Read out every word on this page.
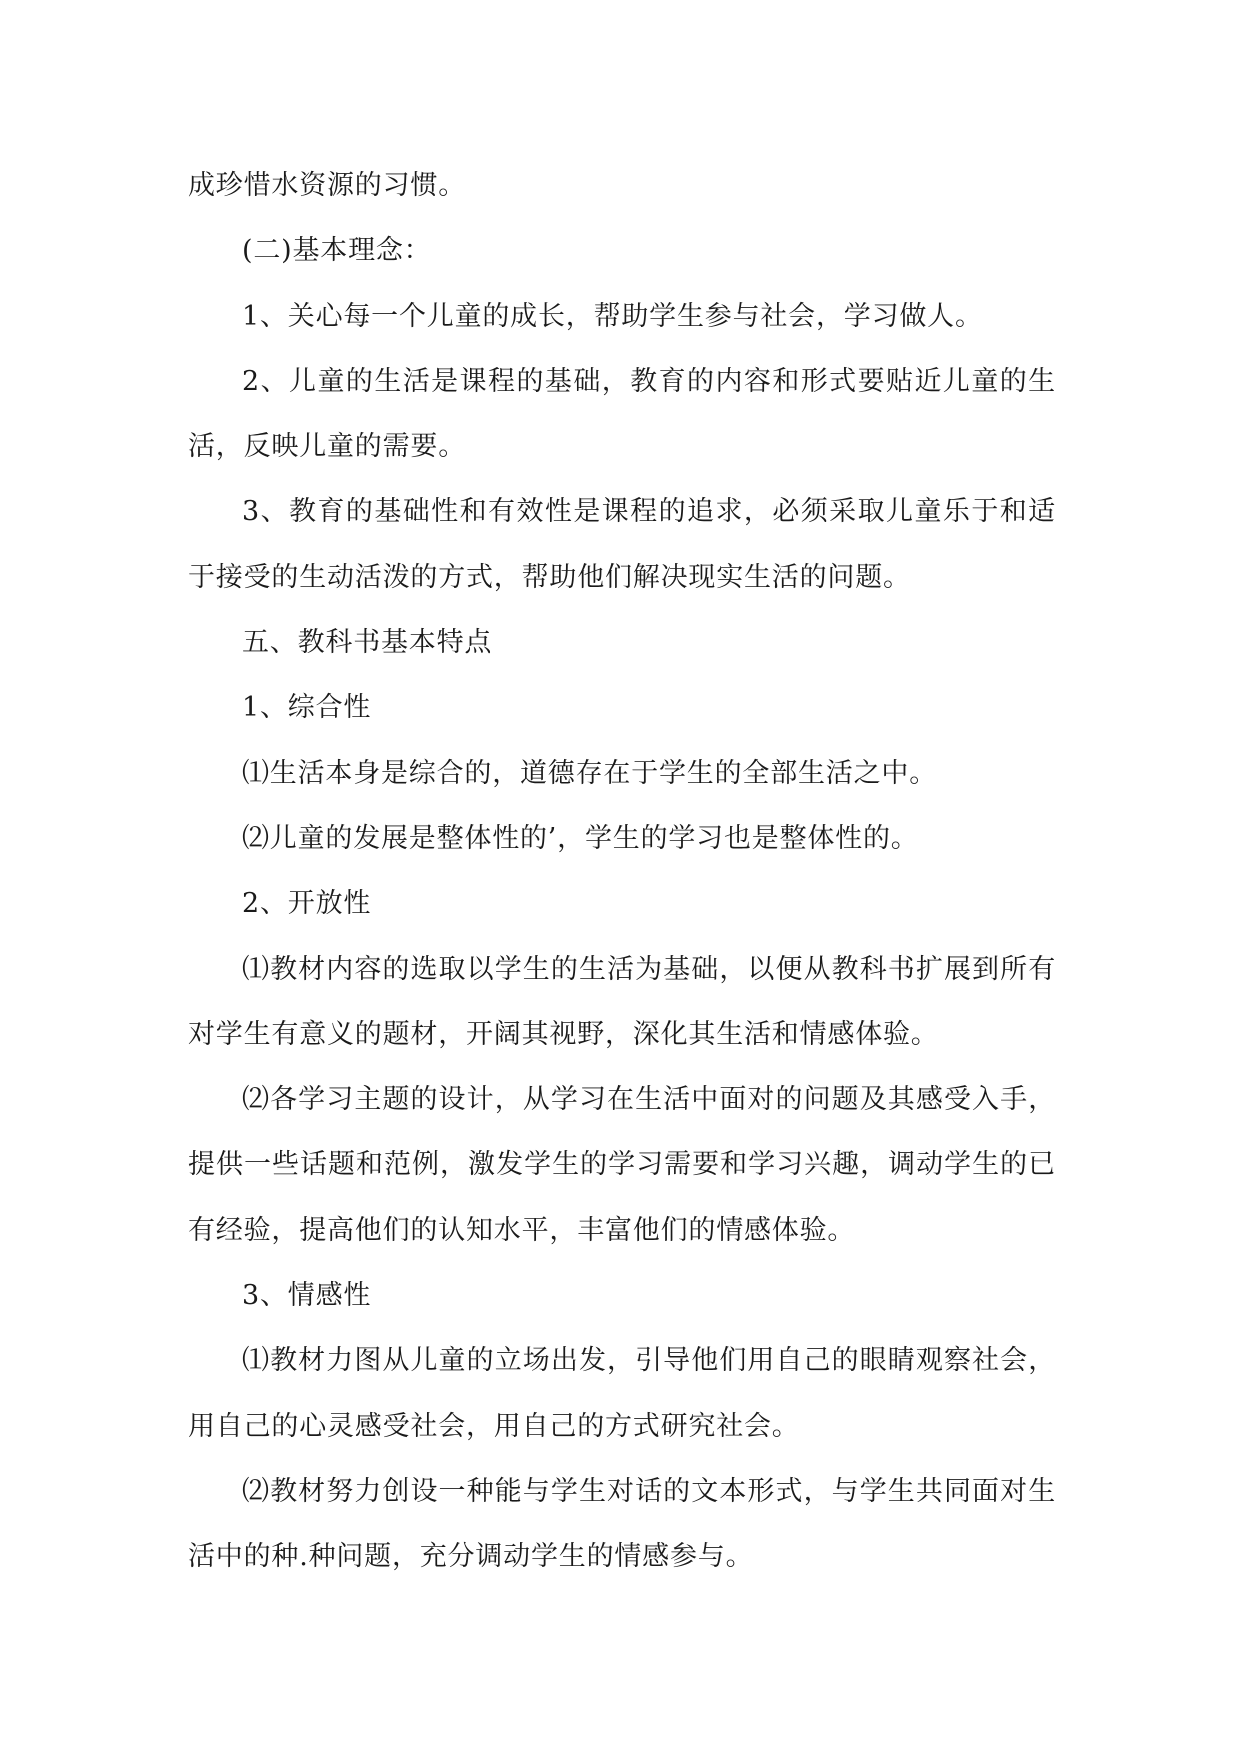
成珍惜水资源的习惯。

(二)基本理念：

1、关心每一个儿童的成长，帮助学生参与社会，学习做人。

2、儿童的生活是课程的基础，教育的内容和形式要贴近儿童的生活，反映儿童的需要。

3、教育的基础性和有效性是课程的追求，必须采取儿童乐于和适于接受的生动活泼的方式，帮助他们解决现实生活的问题。

五、教科书基本特点

1、综合性

⑴生活本身是综合的，道德存在于学生的全部生活之中。

⑵儿童的发展是整体性的’，学生的学习也是整体性的。

2、开放性

⑴教材内容的选取以学生的生活为基础，以便从教科书扩展到所有对学生有意义的题材，开阔其视野，深化其生活和情感体验。

⑵各学习主题的设计，从学习在生活中面对的问题及其感受入手，提供一些话题和范例，激发学生的学习需要和学习兴趣，调动学生的已有经验，提高他们的认知水平，丰富他们的情感体验。

3、情感性

⑴教材力图从儿童的立场出发，引导他们用自己的眼睛观察社会，用自己的心灵感受社会，用自己的方式研究社会。

⑵教材努力创设一种能与学生对话的文本形式，与学生共同面对生活中的种.种问题，充分调动学生的情感参与。
